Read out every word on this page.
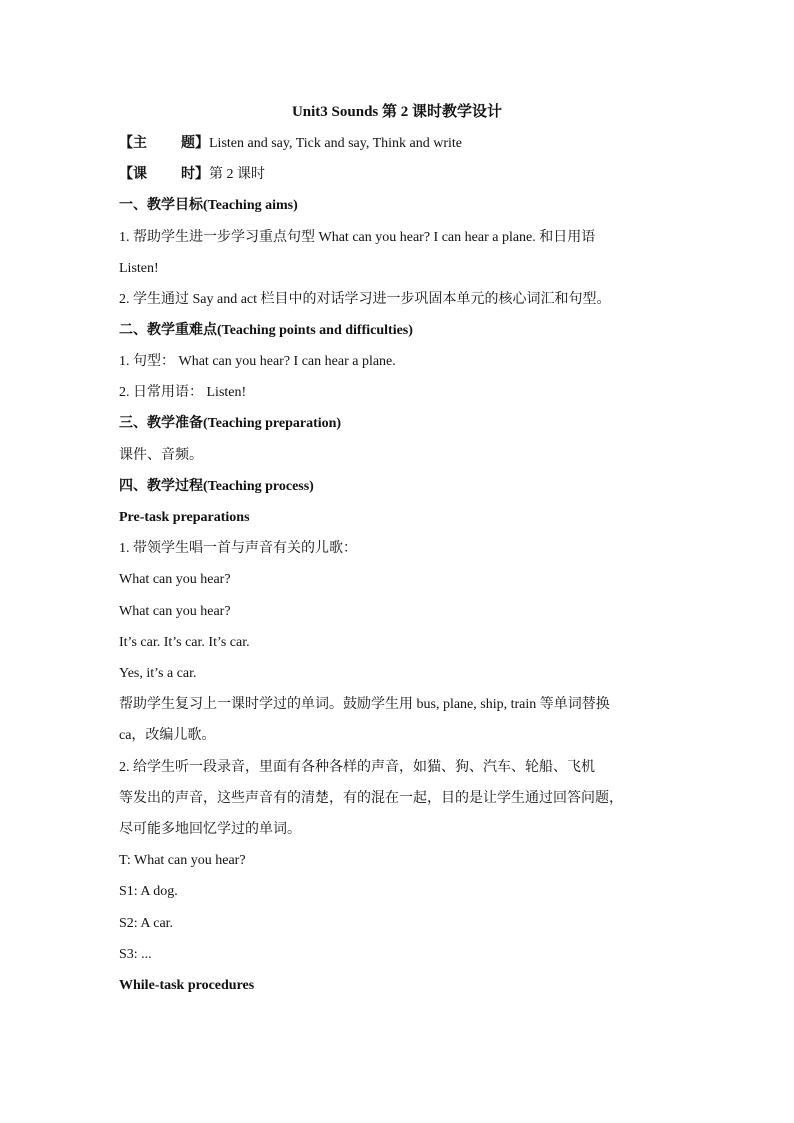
Unit3 Sounds 第 2 课时教学设计
【主 题】Listen and say, Tick and say, Think and write
【课 时】第 2 课时
一、教学目标(Teaching aims)
1. 帮助学生进一步学习重点句型 What can you hear? I can hear a plane. 和日用语
Listen!
2. 学生通过 Say and act 栏目中的对话学习进一步巩固本单元的核心词汇和句型。
二、教学重难点(Teaching points and difficulties)
1. 句型： What can you hear? I can hear a plane.
2. 日常用语： Listen!
三、教学准备(Teaching preparation)
课件、音频。
四、教学过程(Teaching process)
Pre-task preparations
1. 带领学生唱一首与声音有关的儿歌：
What can you hear?
What can you hear?
It’s car. It’s car. It’s car.
Yes, it’s a car.
帮助学生复习上一课时学过的单词。鼓励学生用 bus, plane, ship, train 等单词替换
ca，改编儿歌。
2. 给学生听一段录音，里面有各种各样的声音，如猫、狗、汽车、轮船、飞机
等发出的声音，这些声音有的清楚，有的混在一起，目的是让学生通过回答问题，
尽可能多地回忆学过的单词。
T: What can you hear?
S1: A dog.
S2: A car.
S3: ...
While-task procedures
